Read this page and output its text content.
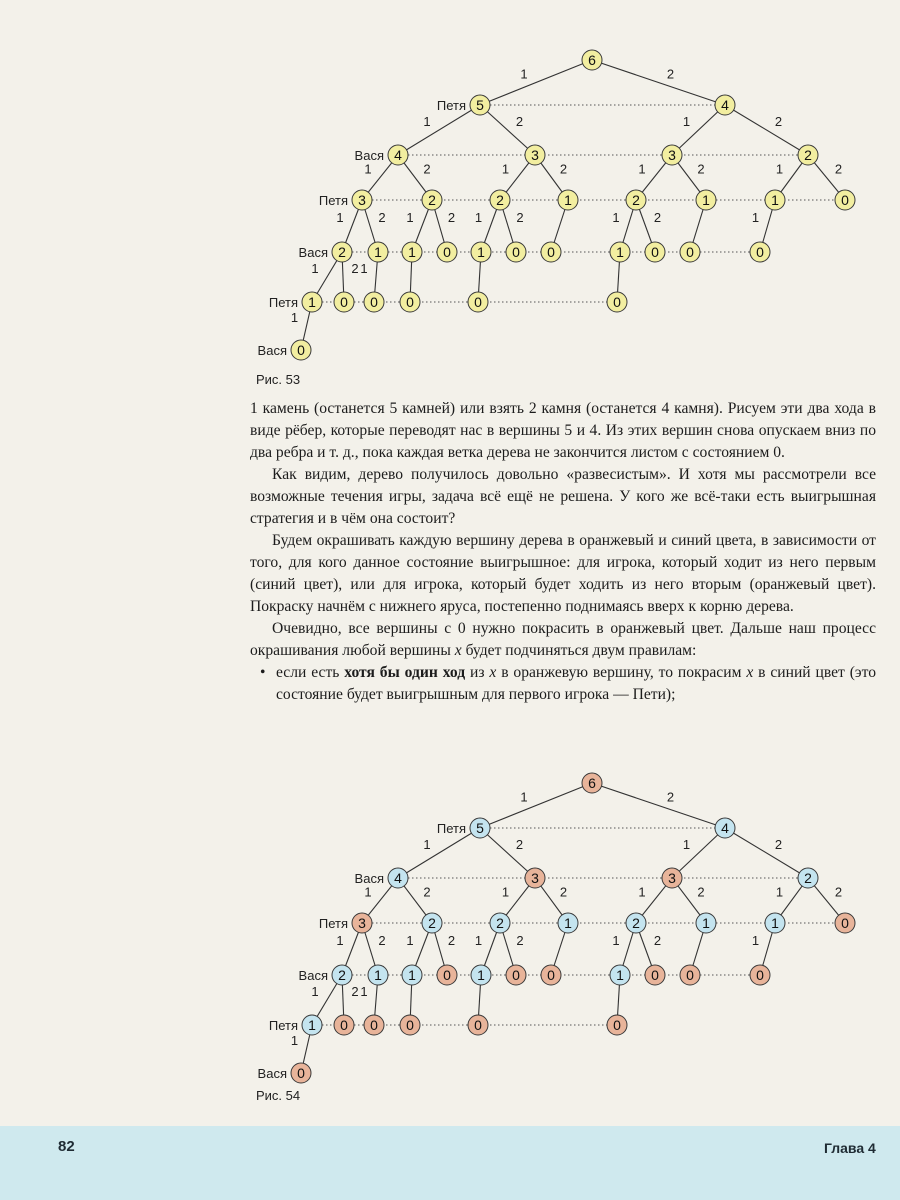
1	2
1	2	1	2
1	2	1	2	1	2	1	2
1	2 1	2 1	2	1	2	1
1	2 1
1
6
5	4
4	3	3	2
3	2	2	1	2	1	1	0
2 1 1 0 1 0 0	1 0 0	0
1 0 0 0	0	0
0
Петя
Вася
Петя
Вася
Петя
Вася
Рис. 53

1 камень (останется 5 камней) или взять 2 камня (останется 4 камня). Рисуем эти два хода в виде рёбер, которые переводят нас в вершины 5 и 4. Из этих вершин снова опускаем вниз по два ребра и т. д., пока каждая ветка дерева не закончится листом с состоянием 0.

Как видим, дерево получилось довольно «развесистым». И хотя мы рассмотрели все возможные течения игры, задача всё ещё не решена. У кого же всё-таки есть выигрышная стратегия и в чём она состоит?

Будем окрашивать каждую вершину дерева в оранжевый и синий цвета, в зависимости от того, для кого данное состояние выигрышное: для игрока, который ходит из него первым (синий цвет), или для игрока, который будет ходить из него вторым (оранжевый цвет). Покраску начнём с нижнего яруса, постепенно поднимаясь вверх к корню дерева.

Очевидно, все вершины с 0 нужно покрасить в оранжевый цвет. Дальше наш процесс окрашивания любой вершины x будет подчиняться двум правилам:

• если есть хотя бы один ход из x в оранжевую вершину, то покрасим x в синий цвет (это состояние будет выигрышным для первого игрока — Пети);
1	2
1	2	1	2
1	2	1	2	1	2	1	2
1	2 1	2 1	2	1	2	1
1	2 1
1
6
5	4
4	3	3	2
3	2	2	1	2	1	1	0
2 1 1 0 1 0 0	1 0 0	0
1 0 0 0	0	0
0
Петя
Вася
Петя
Вася
Петя
Вася
Рис. 54
82	Глава 4
